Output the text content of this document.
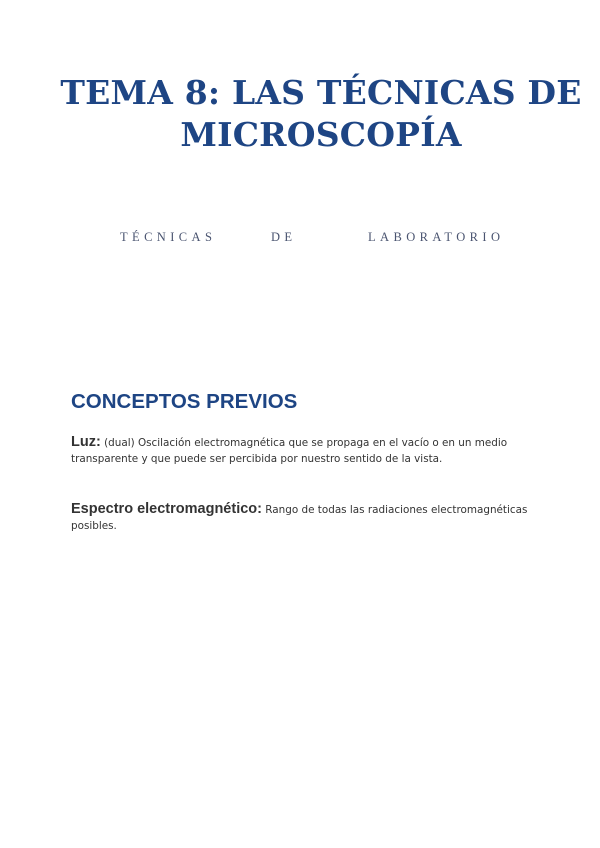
TEMA 8: LAS TÉCNICAS DE
MICROSCOPÍA
TÉCNICAS	DE	LABORATORIO
CONCEPTOS PREVIOS

Luz: (dual) Oscilación electromagnética que se propaga en el vacío o en un medio transparente y que puede ser percibida por nuestro sentido de la vista.

Espectro electromagnético: Rango de todas las radiaciones electromagnéticas posibles.
